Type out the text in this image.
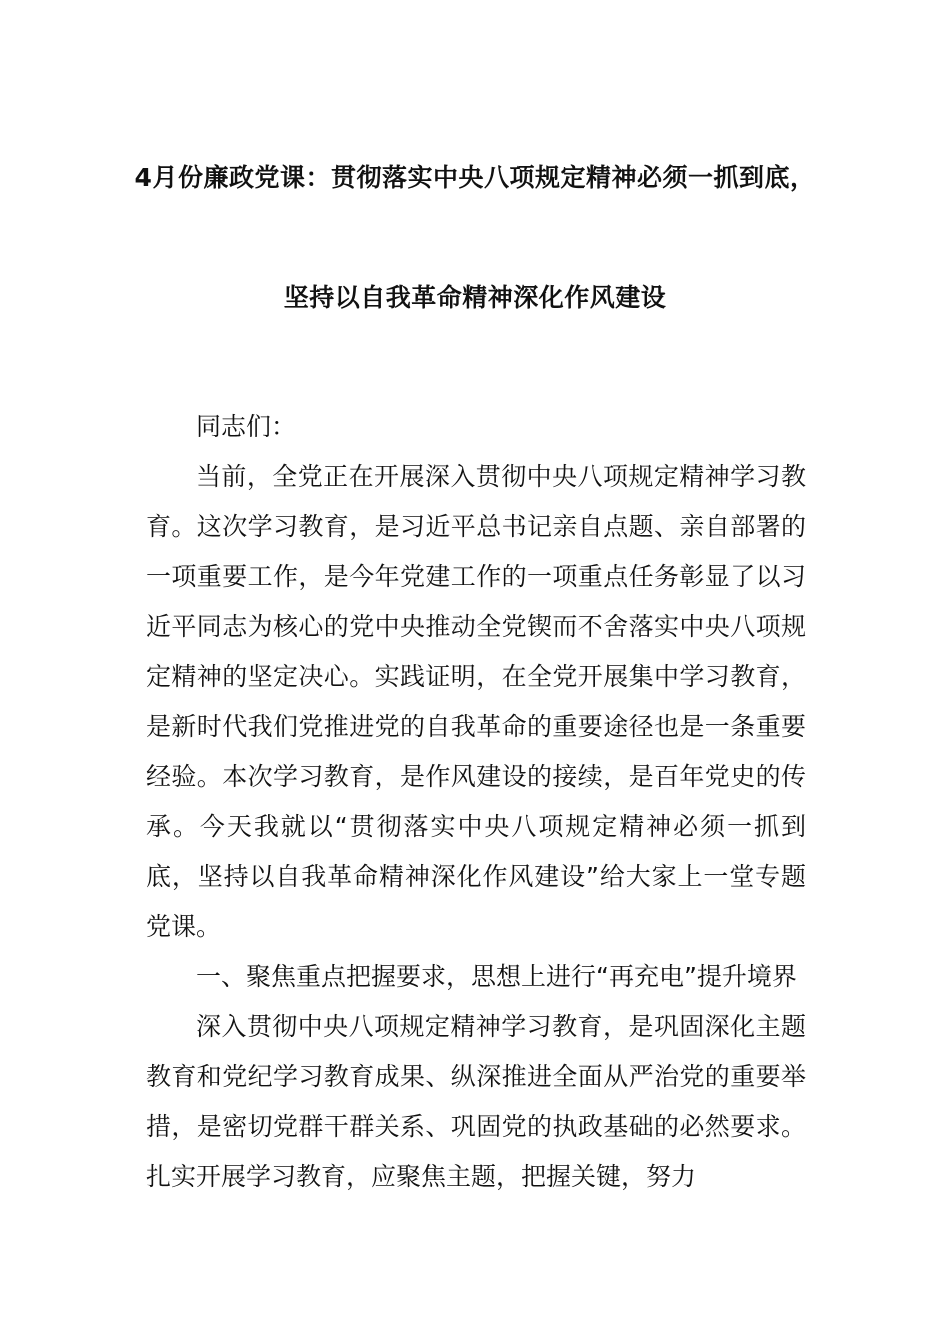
4月份廉政党课：贯彻落实中央八项规定精神必须一抓到底，
坚持以自我革命精神深化作风建设

同志们：

当前，全党正在开展深入贯彻中央八项规定精神学习教育。这次学习教育，是习近平总书记亲自点题、亲自部署的一项重要工作，是今年党建工作的一项重点任务彰显了以习近平同志为核心的党中央推动全党锲而不舍落实中央八项规定精神的坚定决心。实践证明，在全党开展集中学习教育，是新时代我们党推进党的自我革命的重要途径也是一条重要经验。本次学习教育，是作风建设的接续，是百年党史的传承。今天我就以“贯彻落实中央八项规定精神必须一抓到底，坚持以自我革命精神深化作风建设”给大家上一堂专题党课。

一、聚焦重点把握要求，思想上进行“再充电”提升境界

深入贯彻中央八项规定精神学习教育，是巩固深化主题教育和党纪学习教育成果、纵深推进全面从严治党的重要举措，是密切党群干群关系、巩固党的执政基础的必然要求。扎实开展学习教育，应聚焦主题，把握关键，努力
